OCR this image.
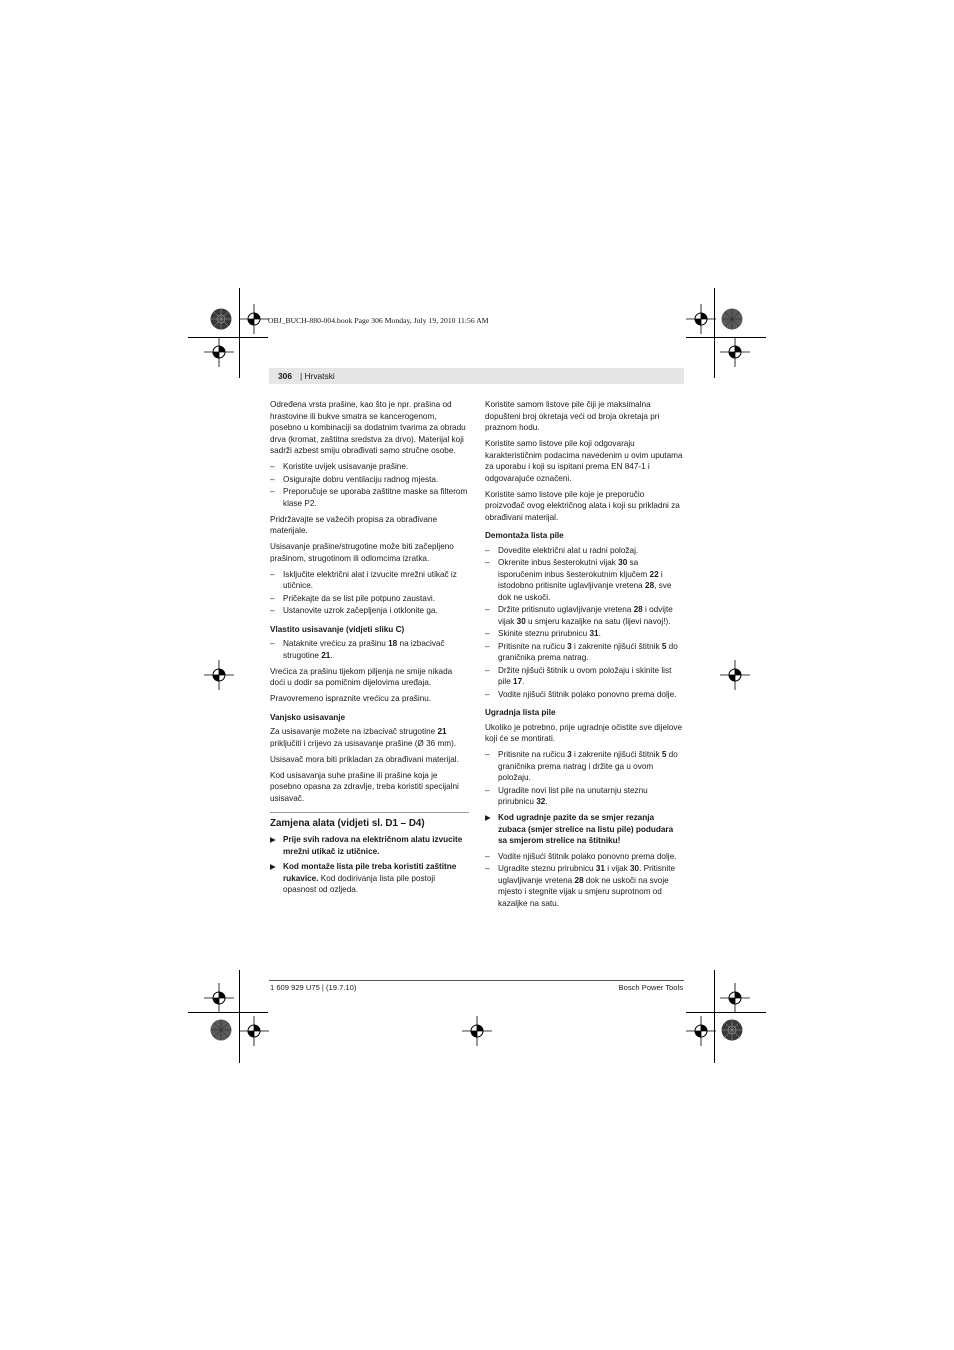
OBJ_BUCH-880-004.book Page 306 Monday, July 19, 2010 11:56 AM
306 | Hrvatski

Određena vrsta prašine, kao što je npr. prašina od hrastovine ili bukve smatra se kancerogenom, posebno u kombinaciji sa dodatnim tvarima za obradu drva (kromat, zaštitna sredstva za drvo). Materijal koji sadrži azbest smiju obrađivati samo stručne osobe.

– Koristite uvijek usisavanje prašine.
– Osigurajte dobru ventilaciju radnog mjesta.
– Preporučuje se uporaba zaštitne maske sa filterom klase P2.

Pridržavajte se važećih propisa za obrađivane materijale.

Usisavanje prašine/strugotine može biti začepljeno prašinom, strugotinom ili odlomcima izratka.

– Isključite električni alat i izvucite mrežni utikač iz utičnice.
– Pričekajte da se list pile potpuno zaustavi.
– Ustanovite uzrok začepljenja i otklonite ga.
Vlastito usisavanje (vidjeti sliku C)
– Nataknite vrećicu za prašinu 18 na izbacivač strugotine 21.

Vrećica za prašinu tijekom piljenja ne smije nikada doći u dodir sa pomičnim dijelovima uređaja.

Pravovremeno ispraznite vrećicu za prašinu.

Vanjsko usisavanje

Za usisavanje možete na izbacivač strugotine 21 priključiti i crijevo za usisavanje prašine (Ø 36 mm).

Usisavač mora biti prikladan za obrađivani materijal.

Kod usisavanja suhe prašine ili prašine koja je posebno opasna za zdravlje, treba koristiti specijalni usisavač.

Zamjena alata (vidjeti sl. D1 – D4)
▶ Prije svih radova na električnom alatu izvucite mrežni utikač iz utičnice.
▶ Kod montaže lista pile treba koristiti zaštitne rukavice. Kod dodirivanja lista pile postoji opasnost od ozljeda.

Koristite samom listove pile čiji je maksimalna dopušteni broj okretaja veći od broja okretaja pri praznom hodu.

Koristite samo listove pile koji odgovaraju karakterističnim podacima navedenim u ovim uputama za uporabu i koji su ispitani prema EN 847-1 i odgovarajuće označeni.

Koristite samo listove pile koje je preporučio proizvođač ovog električnog alata i koji su prikladni za obrađivani materijal.

Demontaža lista pile
– Dovedite električni alat u radni položaj.
– Okrenite inbus šesterokutni vijak 30 sa isporučenim inbus šesterokutnim ključem 22 i istodobno pritisnite uglavljivanje vretena 28, sve dok ne uskoči.
– Držite pritisnuto uglavljivanje vretena 28 i odvijte vijak 30 u smjeru kazaljke na satu (lijevi navoj!).
– Skinite steznu prirubnicu 31.
– Pritisnite na ručicu 3 i zakrenite njišući štitnik 5 do graničnika prema natrag.
– Držite njišući štitnik u ovom položaju i skinite list pile 17.
– Vodite njišući štitnik polako ponovno prema dolje.
Ugradnja lista pile

Ukoliko je potrebno, prije ugradnje očistite sve dijelove koji će se montirati.

– Pritisnite na ručicu 3 i zakrenite njišući štitnik 5 do graničnika prema natrag i držite ga u ovom položaju.
– Ugradite novi list pile na unutarnju steznu prirubnicu 32.
▶ Kod ugradnje pazite da se smjer rezanja zubaca (smjer strelice na listu pile) podudara sa smjerom strelice na štitniku!
– Vodite njišući štitnik polako ponovno prema dolje.
– Ugradite steznu prirubnicu 31 i vijak 30. Pritisnite uglavljivanje vretena 28 dok ne uskoči na svoje mjesto i stegnite vijak u smjeru suprotnom od kazaljke na satu.
1 609 929 U75 | (19.7.10)	Bosch Power Tools
